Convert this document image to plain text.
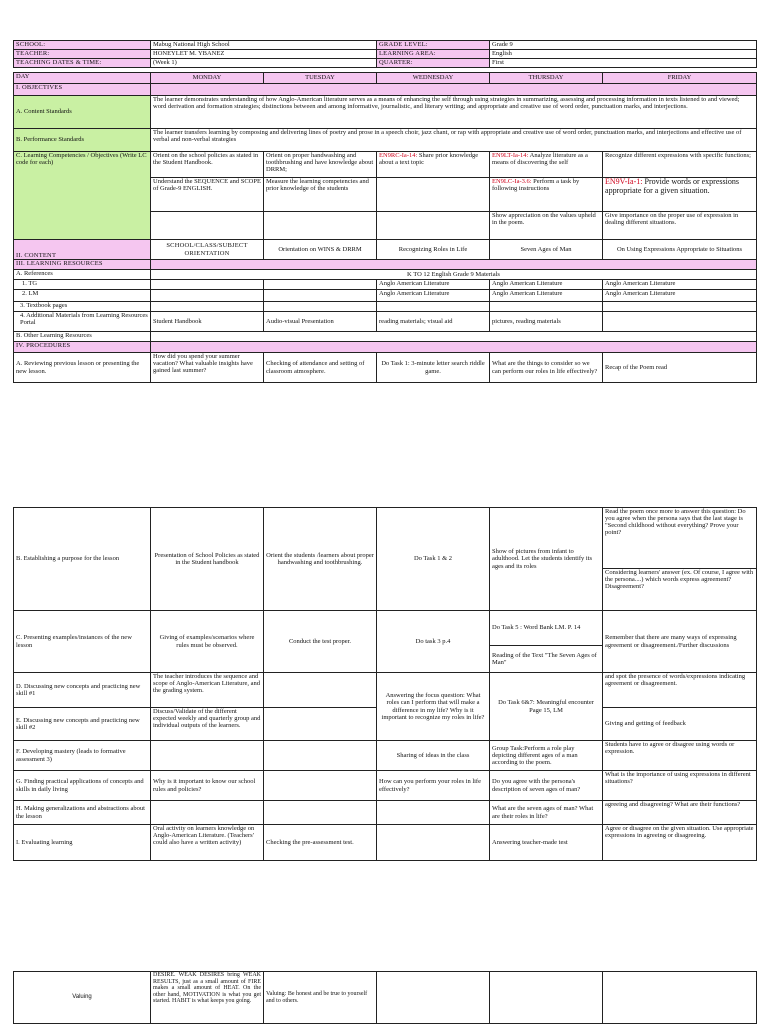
SCHOOL:	Mabug National High School		GRADE LEVEL:	Grade 9	
TEACHER:	HONEYLET M. YBANEZ		LEARNING AREA:	English	
TEACHING DATES & TIME:	(Week 1)		QUARTER:	First	

DAY	MONDAY	TUESDAY	WEDNESDAY	THURSDAY	FRIDAY
I. OBJECTIVES					
A. Content Standards	The learner demonstrates understanding of how Anglo-American literature serves as a means of enhancing the self through using strategies in summarizing, assessing and processing information in texts listened to and viewed; word derivation and formation strategies; distinctions between and among informative, journalistic, and literary writing; and appropriate and creative use of word order, punctuation marks, and interjections.				
B. Performance Standards	The learner transfers learning by composing and delivering lines of poetry and prose in a speech choir, jazz chant, or rap with appropriate and creative use of word order, punctuation marks, and interjections and effective use of verbal and non-verbal strategies				
C. Learning Competencies / Objectives (Write LC code for each)	Orient on the school policies as stated in the Student Handbook.	Orient on proper handwashing and toothbrushing and have knowledge about DRRM;	EN9RC-Ia-14: Share prior knowledge about a text topic	EN9LT-Ia-14: Analyze literature as a means of discovering the self	Recognize different expressions with specific functions;
	Understand the SEQUENCE and SCOPE of Grade-9 ENGLISH.	Measure the learning competencies and prior knowledge of the students		EN9LC-Ia-3.6: Perform a task by following instructions	EN9V-Ia-1: Provide words or expressions appropriate for a given situation.
				Show appreciation on the values upheld in the poem.	Give importance on the proper use of expression in dealing different situations.
II. CONTENT	SCHOOL/CLASS/SUBJECT ORIENTATION	Orientation on WINS & DRRM	Recognizing Roles in Life	Seven Ages of Man	On Using Expressions Appropriate to Situations
III. LEARNING RESOURCES					
A. References	K TO 12 English Grade 9 Materials				
1. TG			Anglo American Literature	Anglo American Literature	Anglo American Literature
2. LM			Anglo American Literature	Anglo American Literature	Anglo American Literature
3. Textbook pages					
4. Additional Materials from Learning Resources Portal	Student Handbook	Audio-visual Presentation	reading materials; visual aid	pictures, reading materials	
B. Other Learning Resources					
IV. PROCEDURES					
A. Reviewing previous lesson or presenting the new lesson.	How did you spend your summer vacation? What valuable insights have gained last summer?	Checking of attendance and setting of classroom atmosphere.	Do Task 1: 3-minute letter search riddle game.	What are the things to consider so we can perform our roles in life effectively?	Recap of the Poem read
B. Establishing a purpose for the lesson	Presentation of School Policies as stated in the Student handbook	Orient the students /learners about proper handwashing and toothbrushing.	Do Task 1 & 2	Show of pictures from infant to adulthood. Let the students identify its ages and its roles	Read the poem once more to answer this question: Do you agree when the persona says that the last stage is "Second childhood without everything? Prove your point?
					Considering learners' answer (ex. Of course, I agree with the persona....) which words express agreement? Disagreement?
C. Presenting examples/instances of the new lesson	Giving of examples/scenarios where rules must be observed.	Conduct the test proper.	Do task 3 p.4	Do Task 5 : Word Bank LM. P. 14	Remember that there are many ways of expressing agreement or disagreement./Further discussions
				Reading of the Text "The Seven Ages of Man"	
D. Discussing new concepts and practicing new skill #1	The teacher introduces the sequence and scope of Anglo-American Literature, and the grading system.		Answering the focus question: What roles can I perform that will make a difference in my life? Why is it important to recognize my roles in life?	Do Task 6&7: Meaningful encounter Page 15, LM	and spot the presence of words/expressions indicating agreement or disagreement.
E. Discussing new concepts and practicing new skill #2	Discuss/Validate of the different expected weekly and quarterly group and individual outputs of the learners.				Giving and getting of feedback
F. Developing mastery (leads to formative assessment 3)			Sharing of ideas in the class	Group Task:Perform a role play depicting different ages of a man according to the poem.	Students have to agree or disagree using words or expression.
G. Finding practical applications of concepts and skills in daily living	Why is it important to know our school rules and policies?		How can you perform your roles in life effectively?	Do you agree with the persona's description of seven ages of man?	What is the importance of using expressions in different situations?
H. Making generalizations and abstractions about the lesson				What are the seven ages of man? What are their roles in life?	agreeing and disagreeing? What are their functions?
I. Evaluating learning	Oral activity on learners knowledge on Anglo-American Literature. (Teachers' could also have a written activity)	Checking the pre-assessment test.		Answering teacher-made test	Agree or disagree on the given situation. Use appropriate expressions in agreeing or disagreeing.
Valuing	DESIRE. WEAK DESIRES bring WEAK RESULTS, just as a small amount of FIRE makes a small amount of HEAT. On the other hand, MOTIVATION is what you get started. HABIT is what keeps you going.	Valuing: Be honest and be true to yourself and to others.			
